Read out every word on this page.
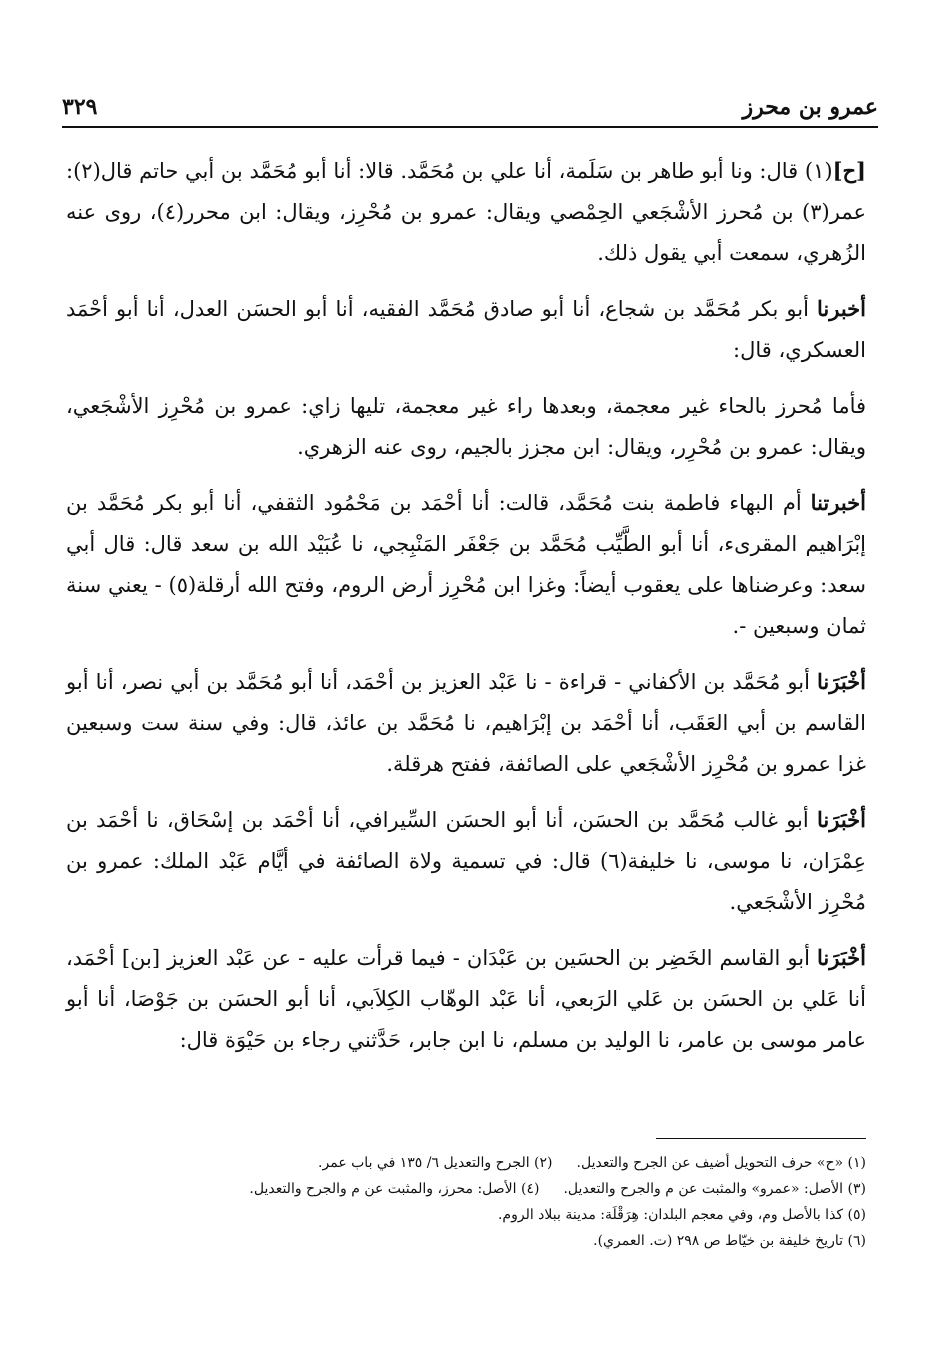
عمرو بن محرز
٣٢٩

[ح](١) قال: ونا أبو طاهر بن سَلَمة، أنا علي بن مُحَمَّد. قالا: أنا أبو مُحَمَّد بن أبي حاتم قال(٢): عمر(٣) بن مُحرز الأشْجَعي الحِمْصي ويقال: عمرو بن مُحْرِز، ويقال: ابن محرر(٤)، روى عنه الزُهري، سمعت أبي يقول ذلك.

أخبرنا أبو بكر مُحَمَّد بن شجاع، أنا أبو صادق مُحَمَّد الفقيه، أنا أبو الحسَن العدل، أنا أبو أحْمَد العسكري، قال:

فأما مُحرز بالحاء غير معجمة، وبعدها راء غير معجمة، تليها زاي: عمرو بن مُحْرِز الأشْجَعي، ويقال: عمرو بن مُحْرِر، ويقال: ابن مجزز بالجيم، روى عنه الزهري.

أخبرتنا أم البهاء فاطمة بنت مُحَمَّد، قالت: أنا أحْمَد بن مَحْمُود الثقفي، أنا أبو بكر مُحَمَّد بن إبْرَاهيم المقرىء، أنا أبو الطَّيِّب مُحَمَّد بن جَعْفَر المَنْبِجي، نا عُبَيْد الله بن سعد قال: قال أبي سعد: وعرضناها على يعقوب أيضاً: وغزا ابن مُحْرِز أرض الروم، وفتح الله أرقلة(٥) - يعني سنة ثمان وسبعين -.

أخْبَرَنا أبو مُحَمَّد بن الأكفاني - قراءة - نا عَبْد العزيز بن أحْمَد، أنا أبو مُحَمَّد بن أبي نصر، أنا أبو القاسم بن أبي العَقَب، أنا أحْمَد بن إبْرَاهيم، نا مُحَمَّد بن عائذ، قال: وفي سنة ست وسبعين غزا عمرو بن مُحْرِز الأشْجَعي على الصائفة، ففتح هرقلة.

أخْبَرَنا أبو غالب مُحَمَّد بن الحسَن، أنا أبو الحسَن السِّيرافي، أنا أحْمَد بن إسْحَاق، نا أحْمَد بن عِمْرَان، نا موسى، نا خليفة(٦) قال: في تسمية ولاة الصائفة في أيَّام عَبْد الملك: عمرو بن مُحْرِز الأشْجَعي.

أخْبَرَنا أبو القاسم الخَضِر بن الحسَين بن عَبْدَان - فيما قرأت عليه - عن عَبْد العزيز [بن] أحْمَد، أنا عَلي بن الحسَن بن عَلي الرَبعي، أنا عَبْد الوهّاب الكِلاَبي، أنا أبو الحسَن بن جَوْصَا، أنا أبو عامر موسى بن عامر، نا الوليد بن مسلم، نا ابن جابر، حَدَّثني رجاء بن حَيْوَة قال:

(١) «ح» حرف التحويل أضيف عن الجرح والتعديل.
(٢) الجرح والتعديل ٦/ ١٣٥ في باب عمر.
(٣) الأصل: «عمرو» والمثبت عن م والجرح والتعديل.
(٤) الأصل: محرز، والمثبت عن م والجرح والتعديل.
(٥) كذا بالأصل وم، وفي معجم البلدان: هِرَقْلَة: مدينة ببلاد الروم.
(٦) تاريخ خليفة بن خيّاط ص ٢٩٨ (ت. العمري).
